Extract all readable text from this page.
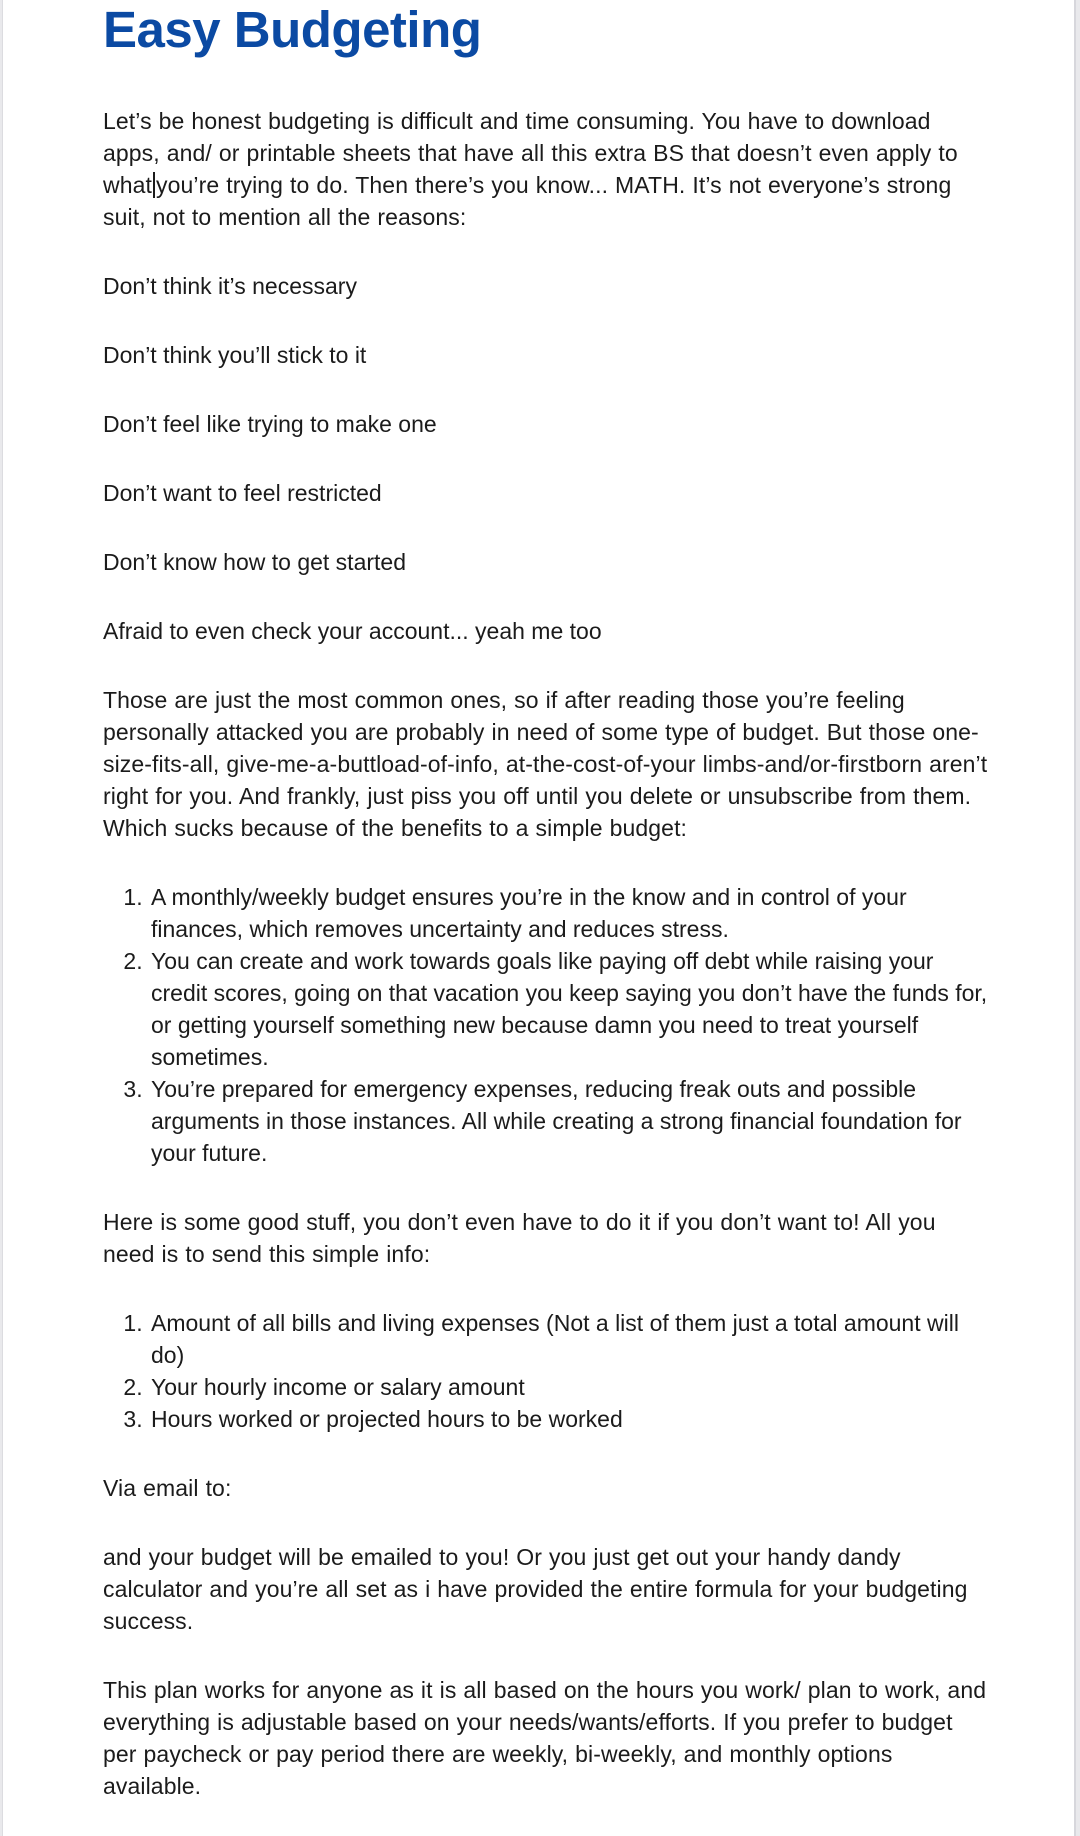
Easy Budgeting

Let’s be honest budgeting is difficult and time consuming. You have to download apps, and/ or printable sheets that have all this extra BS that doesn’t even apply to what you’re trying to do. Then there’s you know... MATH. It’s not everyone’s strong suit, not to mention all the reasons:

Don’t think it’s necessary

Don’t think you’ll stick to it

Don’t feel like trying to make one

Don’t want to feel restricted

Don’t know how to get started

Afraid to even check your account... yeah me too

Those are just the most common ones, so if after reading those you’re feeling personally attacked you are probably in need of some type of budget. But those one-size-fits-all, give-me-a-buttload-of-info, at-the-cost-of-your limbs-and/or-firstborn aren’t right for you. And frankly, just piss you off until you delete or unsubscribe from them. Which sucks because of the benefits to a simple budget:

1. A monthly/weekly budget ensures you’re in the know and in control of your finances, which removes uncertainty and reduces stress.
2. You can create and work towards goals like paying off debt while raising your credit scores, going on that vacation you keep saying you don’t have the funds for, or getting yourself something new because damn you need to treat yourself sometimes.
3. You’re prepared for emergency expenses, reducing freak outs and possible arguments in those instances. All while creating a strong financial foundation for your future.

Here is some good stuff, you don’t even have to do it if you don’t want to! All you need is to send this simple info:

1. Amount of all bills and living expenses (Not a list of them just a total amount will do)
2. Your hourly income or salary amount
3. Hours worked or projected hours to be worked

Via email to:

and your budget will be emailed to you! Or you just get out your handy dandy calculator and you’re all set as i have provided the entire formula for your budgeting success.

This plan works for anyone as it is all based on the hours you work/ plan to work, and everything is adjustable based on your needs/wants/efforts. If you prefer to budget per paycheck or pay period there are weekly, bi-weekly, and monthly options available.
